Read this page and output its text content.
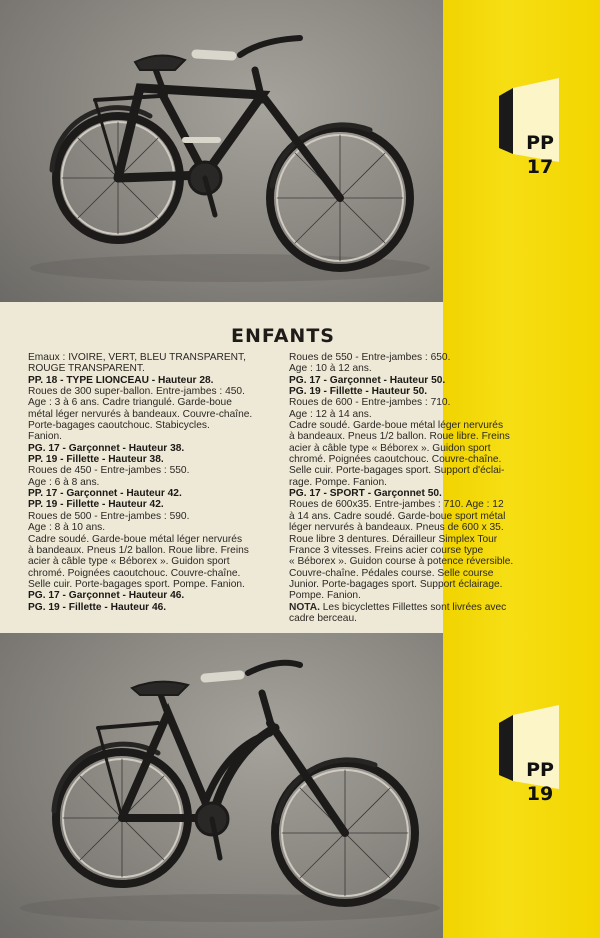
ENFANTS
Emaux : IVOIRE, VERT, BLEU TRANSPARENT,
ROUGE TRANSPARENT.
PP. 18 - TYPE LIONCEAU - Hauteur 28.
Roues de 300 super-ballon. Entre-jambes : 450.
Age : 3 à 6 ans. Cadre triangulé. Garde-boue
métal léger nervurés à bandeaux. Couvre-chaîne.
Porte-bagages caoutchouc. Stabicycles.
Fanion.
PG. 17 - Garçonnet - Hauteur 38.
PP. 19 - Fillette - Hauteur 38.
Roues de 450 - Entre-jambes : 550.
Age : 6 à 8 ans.
PP. 17 - Garçonnet - Hauteur 42.
PP. 19 - Fillette - Hauteur 42.
Roues de 500 - Entre-jambes : 590.
Age : 8 à 10 ans.
Cadre soudé. Garde-boue métal léger nervurés
à bandeaux. Pneus 1/2 ballon. Roue libre. Freins
acier à câble type « Béborex ». Guidon sport
chromé. Poignées caoutchouc. Couvre-chaîne.
Selle cuir. Porte-bagages sport. Pompe. Fanion.
PG. 17 - Garçonnet - Hauteur 46.
PG. 19 - Fillette - Hauteur 46.
Roues de 550 - Entre-jambes : 650.
Age : 10 à 12 ans.
PG. 17 - Garçonnet - Hauteur 50.
PG. 19 - Fillette - Hauteur 50.
Roues de 600 - Entre-jambes : 710.
Age : 12 à 14 ans.
Cadre soudé. Garde-boue métal léger nervurés
à bandeaux. Pneus 1/2 ballon. Roue libre. Freins
acier à câble type « Béborex ». Guidon sport
chromé. Poignées caoutchouc. Couvre-chaîne.
Selle cuir. Porte-bagages sport. Support d'éclai-
rage. Pompe. Fanion.
PG. 17 - SPORT - Garçonnet 50.
Roues de 600x35. Entre-jambes : 710. Age : 12
à 14 ans. Cadre soudé. Garde-boue sport métal
léger nervurés à bandeaux. Pneus de 600 x 35.
Roue libre 3 dentures. Dérailleur Simplex Tour
France 3 vitesses. Freins acier course type
« Béborex ». Guidon course à potence réversible.
Couvre-chaîne. Pédales course. Selle course
Junior. Porte-bagages sport. Support éclairage.
Pompe. Fanion.
NOTA. Les bicyclettes Fillettes sont livrées avec
cadre berceau.
PP
17
PP
19
